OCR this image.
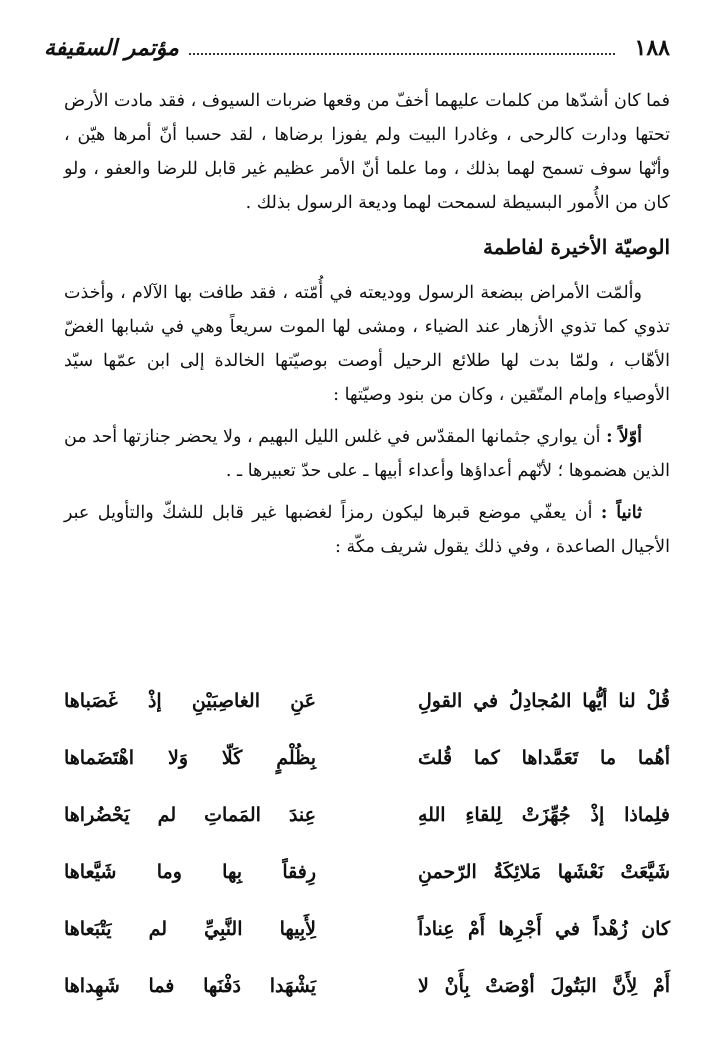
١٨٨
مؤتمر السقيفة

فما كان أشدّها من كلمات عليهما أخفّ من وقعها ضربات السيوف ، فقد مادت الأرض تحتها ودارت كالرحى ، وغادرا البيت ولم يفوزا برضاها ، لقد حسبا أنّ أمرها هيّن ، وأنّها سوف تسمح لهما بذلك ، وما علما أنّ الأمر عظيم غير قابل للرضا والعفو ، ولو كان من الأُمور البسيطة لسمحت لهما وديعة الرسول بذلك .

الوصيّة الأخيرة لفاطمة

وألمّت الأمراض ببضعة الرسول ووديعته في أُمّته ، فقد طافت بها الآلام ، وأخذت تذوي كما تذوي الأزهار عند الضياء ، ومشى لها الموت سريعاً وهي في شبابها الغضّ الأهّاب ، ولمّا بدت لها طلائع الرحيل أوصت بوصيّتها الخالدة إلى ابن عمّها سيّد الأوصياء وإمام المتّقين ، وكان من بنود وصيّتها :

أوّلاً : أن يواري جثمانها المقدّس في غلس الليل البهيم ، ولا يحضر جنازتها أحد من الذين هضموها ؛ لأنّهم أعداؤها وأعداء أبيها ـ على حدّ تعبيرها ـ .

ثانياً : أن يعفّي موضع قبرها ليكون رمزاً لغضبها غير قابل للشكّ والتأويل عبر الأجيال الصاعدة ، وفي ذلك يقول شريف مكّة :

قُلْ لنا أيُّها المُجادِلُ في القولِ
عَنِ الغاصِبَيْنِ إذْ غَصَباها
أهُما ما تَعَمَّداها كما قُلتَ
بِظُلْمٍ كَلّا وَلا اهْتَضَماها
فلِماذا إذْ جُهِّزَتْ لِلقاءِ اللهِ
عِندَ المَماتِ لم يَحْضُراها
شَيَّعَتْ نَعْشَها مَلائِكَةُ الرّحمنِ
رِفقاً بِها وما شَيَّعاها
كان زُهْداً في أَجْرِها أَمْ عِناداً
لِأَبِيها النَّبِيِّ لم يَتْبَعاها
أَمْ لِأَنَّ البَتُولَ أوْصَتْ بِأَنْ لا
يَشْهَدا دَفْنَها فما شَهِداها
